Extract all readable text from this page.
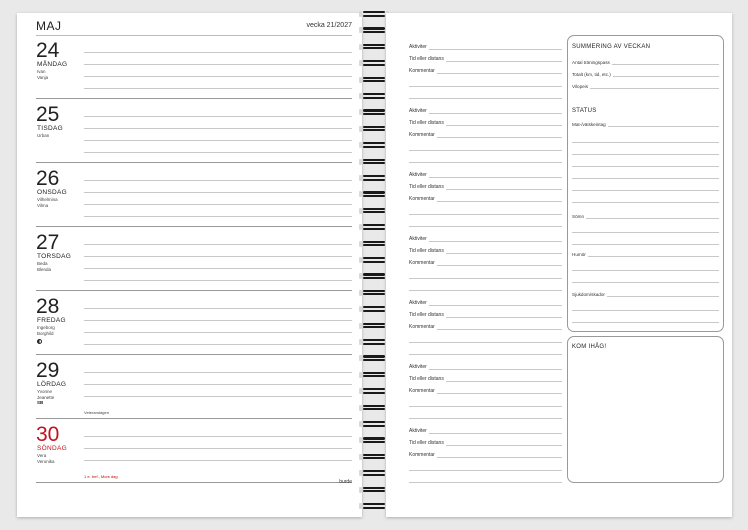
MAJ	vecka 21/2027
24
MÅNDAG
Ivan
Vanja
25
TISDAG
Urban
26
ONSDAG
Vilhelmina
Vilma
27
TORSDAG
Beda
Blenda
28
FREDAG
Ingeborg
Borghild
29
LÖRDAG
Yvonne
Jeanette
SB
Veterandagen
30
SÖNDAG
Vera
Veronika
1 e. tref., Mors dag
burde
Aktiviter
Tid eller distans
Kommentar
Aktiviter
Tid eller distans
Kommentar
Aktiviter
Tid eller distans
Kommentar
Aktiviter
Tid eller distans
Kommentar
Aktiviter
Tid eller distans
Kommentar
Aktiviter
Tid eller distans
Kommentar
Aktiviter
Tid eller distans
Kommentar
SUMMERING AV VECKAN
Antal träningspass
Totalt (km, tid, etc.)
Vilopeis
STATUS
Mat-/vätskeintag
Sömn
Humör
Sjukdom/skador
KOM IHÅG!
